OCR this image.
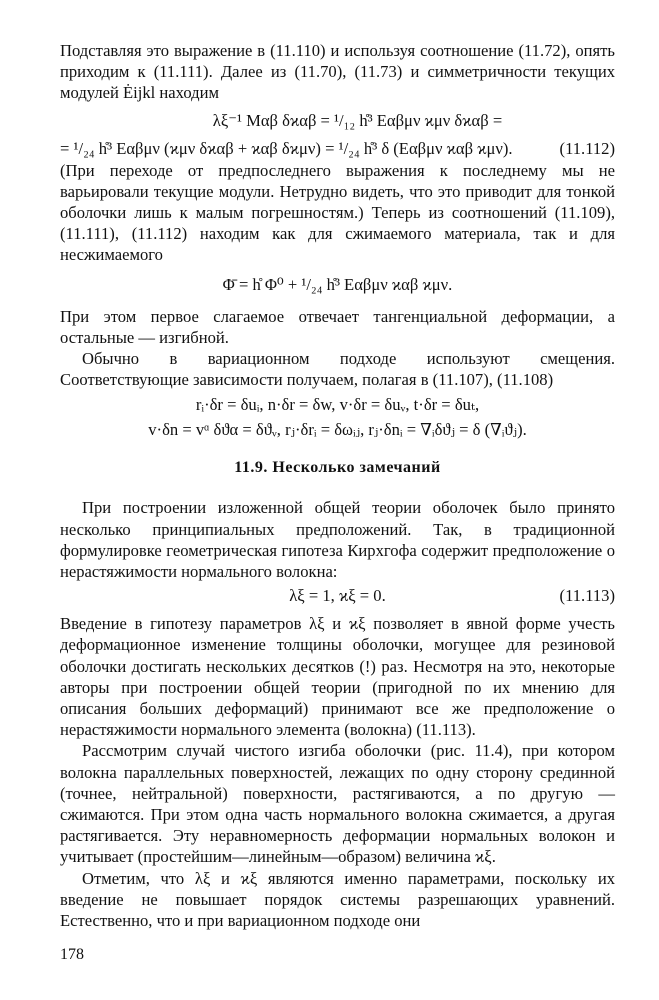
Подставляя это выражение в (11.110) и используя соотношение (11.72), опять приходим к (11.111). Далее из (11.70), (11.73) и симметричности текущих модулей Ėijkl находим

λξ⁻¹ Mαβ δϰαβ = ¹/₁₂ h̊³ Eαβμν ϰμν δϰαβ =

= ¹/₂₄ h̊³ Eαβμν (ϰμν δϰαβ + ϰαβ δϰμν) = ¹/₂₄ h̊³ δ (Eαβμν ϰαβ ϰμν).	(11.112)

(При переходе от предпоследнего выражения к последнему мы не варьировали текущие модули. Нетрудно видеть, что это приводит для тонкой оболочки лишь к малым погрешностям.) Теперь из соотношений (11.109), (11.111), (11.112) находим как для сжимаемого материала, так и для несжимаемого

Φ̄ = h̊ Φ⁰ + ¹/₂₄ h̊³ Eαβμν ϰαβ ϰμν.

При этом первое слагаемое отвечает тангенциальной деформации, а остальные — изгибной.

Обычно в вариационном подходе используют смещения. Соответствующие зависимости получаем, полагая в (11.107), (11.108)

rᵢ·δr = δuᵢ, n·δr = δw, v·δr = δuᵥ, t·δr = δuₜ,

v·δn = vᵅ δϑα = δϑᵥ, rⱼ·δrᵢ = δωᵢⱼ, rⱼ·δnᵢ = ∇ᵢδϑⱼ = δ (∇ᵢϑⱼ).

11.9. Несколько замечаний

При построении изложенной общей теории оболочек было принято несколько принципиальных предположений. Так, в традиционной формулировке геометрическая гипотеза Кирхгофа содержит предположение о нерастяжимости нормального волокна:

λξ = 1, ϰξ = 0.	(11.113)

Введение в гипотезу параметров λξ и ϰξ позволяет в явной форме учесть деформационное изменение толщины оболочки, могущее для резиновой оболочки достигать нескольких десятков (!) раз. Несмотря на это, некоторые авторы при построении общей теории (пригодной по их мнению для описания больших деформаций) принимают все же предположение о нерастяжимости нормального элемента (волокна) (11.113).

Рассмотрим случай чистого изгиба оболочки (рис. 11.4), при котором волокна параллельных поверхностей, лежащих по одну сторону срединной (точнее, нейтральной) поверхности, растягиваются, а по другую — сжимаются. При этом одна часть нормального волокна сжимается, а другая растягивается. Эту неравномерность деформации нормальных волокон и учитывает (простейшим—линейным—образом) величина ϰξ.

Отметим, что λξ и ϰξ являются именно параметрами, поскольку их введение не повышает порядок системы разрешающих уравнений. Естественно, что и при вариационном подходе они

178
